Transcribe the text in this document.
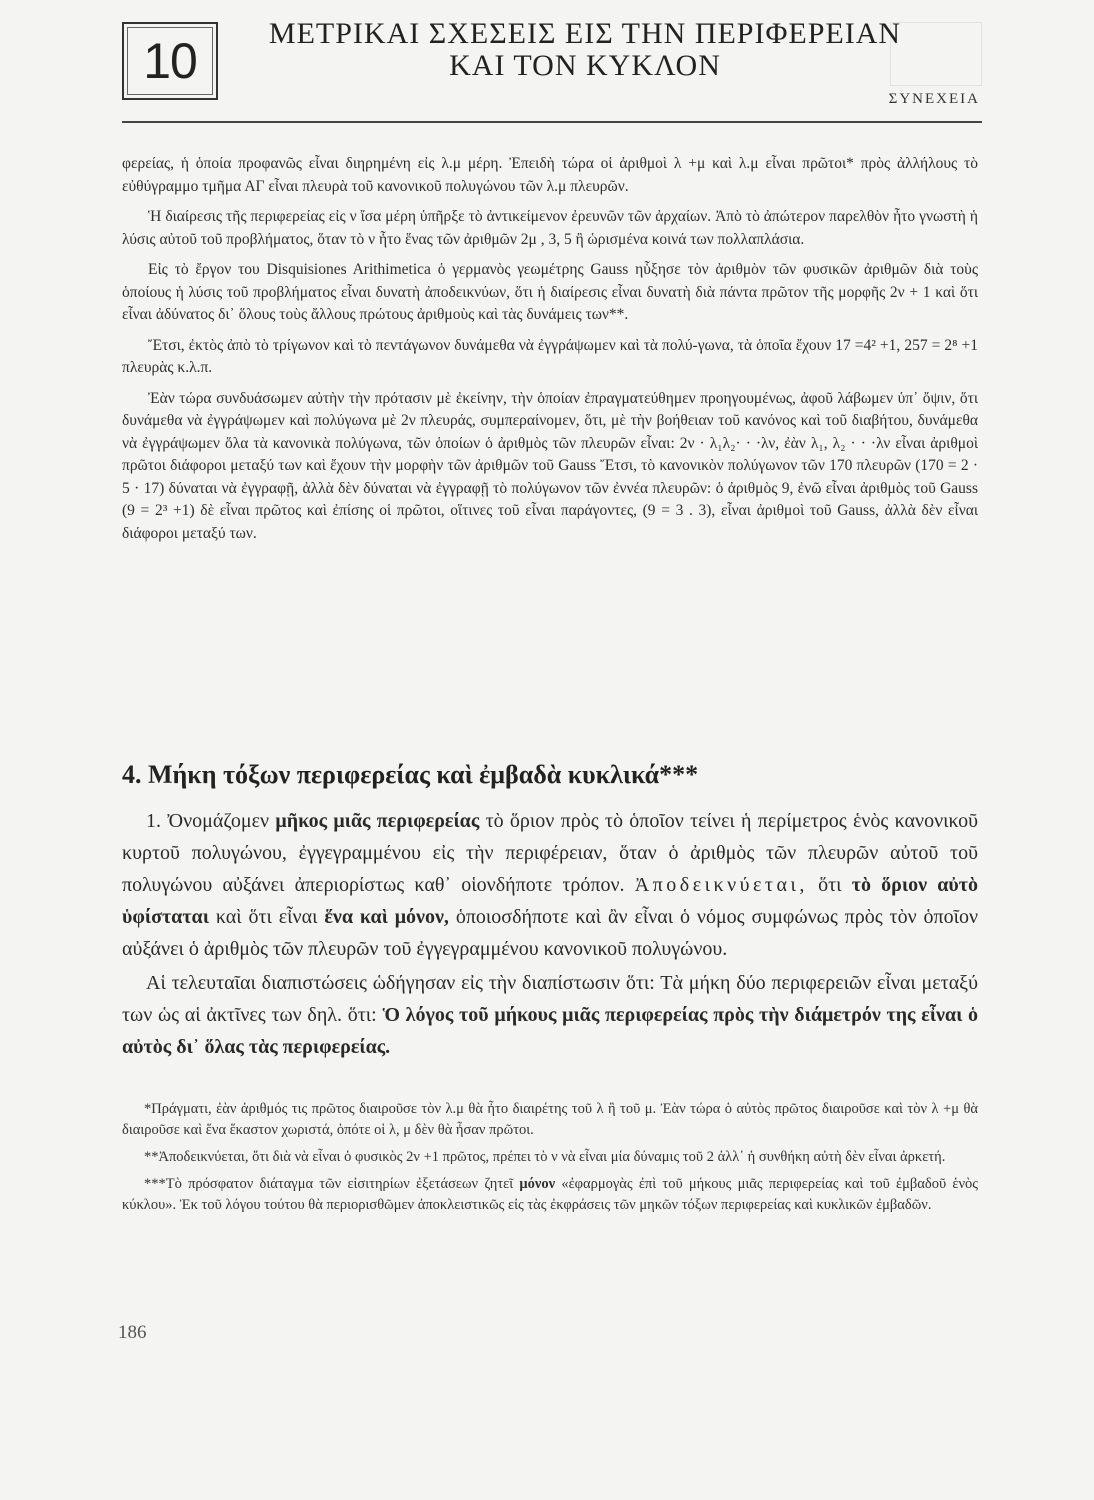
10	ΜΕΤΡΙΚΑΙ ΣΧΕΣΕΙΣ ΕΙΣ ΤΗΝ ΠΕΡΙΦΕΡΕΙΑΝ
ΚΑΙ ΤΟΝ ΚΥΚΛΟΝ
ΣΥΝΕΧΕΙΑ

φερείας, ἡ ὁποία προφανῶς εἶναι διηρημένη εἰς λ.μ μέρη. Ἐπειδὴ τώρα οἱ ἀριθμοὶ λ +μ καὶ λ.μ εἶναι πρῶτοι* πρὸς ἀλλήλους τὸ εὐθύγραμμο τμῆμα ΑΓ εἶναι πλευρὰ τοῦ κανονικοῦ πολυγώνου τῶν λ.μ πλευρῶν.

Ἡ διαίρεσις τῆς περιφερείας εἰς ν ἴσα μέρη ὑπῆρξε τὸ ἀντικείμενον ἐρευνῶν τῶν ἀρχαίων. Ἀπὸ τὸ ἀπώτερον παρελθὸν ἦτο γνωστὴ ἡ λύσις αὐτοῦ τοῦ προβλήματος, ὅταν τὸ ν ἦτο ἕνας τῶν ἀριθμῶν 2μ , 3, 5 ἢ ὡρισμένα κοινά των πολλαπλάσια.

Εἰς τὸ ἔργον του Disquisiones Arithimetica ὁ γερμανὸς γεωμέτρης Gauss ηὗξησε τὸν ἀριθμὸν τῶν φυσικῶν ἀριθμῶν διὰ τοὺς ὁποίους ἡ λύσις τοῦ προβλήματος εἶναι δυνατὴ ἀποδεικνύων, ὅτι ἡ διαίρεσις εἶναι δυνατὴ διὰ πάντα πρῶτον τῆς μορφῆς 2ν + 1 καὶ ὅτι εἶναι ἀδύνατος δι᾽ ὅλους τοὺς ἄλλους πρώτους ἀριθμοὺς καὶ τὰς δυνάμεις των**.

Ἔτσι, ἐκτὸς ἀπὸ τὸ τρίγωνον καὶ τὸ πεντάγωνον δυνάμεθα νὰ ἐγγράψωμεν καὶ τὰ πολύ-γωνα, τὰ ὁποῖα ἔχουν 17 =4² +1, 257 = 2⁸ +1 πλευρὰς κ.λ.π.

Ἐὰν τώρα συνδυάσωμεν αὐτὴν τὴν πρότασιν μὲ ἐκείνην, τὴν ὁποίαν ἐπραγματεύθημεν προηγουμένως, ἀφοῦ λάβωμεν ὑπ᾽ ὄψιν, ὅτι δυνάμεθα νὰ ἐγγράψωμεν καὶ πολύγωνα μὲ 2ν πλευράς, συμπεραίνομεν, ὅτι, μὲ τὴν βοήθειαν τοῦ κανόνος καὶ τοῦ διαβήτου, δυνάμεθα νὰ ἐγγράψωμεν ὅλα τὰ κανονικὰ πολύγωνα, τῶν ὁποίων ὁ ἀριθμὸς τῶν πλευρῶν εἶναι: 2ν · λ₁λ₂· · ·λν, ἐὰν λ₁, λ₂ · · ·λν εἶναι ἀριθμοὶ πρῶτοι διάφοροι μεταξύ των καὶ ἔχουν τὴν μορφὴν τῶν ἀριθμῶν τοῦ Gauss Ἔτσι, τὸ κανονικὸν πολύγωνον τῶν 170 πλευρῶν (170 = 2 · 5 · 17) δύναται νὰ ἐγγραφῇ, ἀλλὰ δὲν δύναται νὰ ἐγγραφῇ τὸ πολύγωνον τῶν ἐννέα πλευρῶν: ὁ ἀριθμὸς 9, ἐνῶ εἶναι ἀριθμὸς τοῦ Gauss (9 = 2³ +1) δὲ εἶναι πρῶτος καὶ ἐπίσης οἱ πρῶτοι, οἵτινες τοῦ εἶναι παράγοντες, (9 = 3 . 3), εἶναι ἀριθμοὶ τοῦ Gauss, ἀλλὰ δὲν εἶναι διάφοροι μεταξύ των.

4. Μήκη τόξων περιφερείας καὶ ἐμβαδὰ κυκλικά***

1. Ὀνομάζομεν μῆκος μιᾶς περιφερείας τὸ ὅριον πρὸς τὸ ὁποῖον τείνει ἡ περίμετρος ἑνὸς κανονικοῦ κυρτοῦ πολυγώνου, ἐγγεγραμμένου εἰς τὴν περιφέρειαν, ὅταν ὁ ἀριθμὸς τῶν πλευρῶν αὐτοῦ τοῦ πολυγώνου αὐξάνει ἀπεριορίστως καθ᾽ οἱονδήποτε τρόπον. Ἀποδεικνύεται, ὅτι τὸ ὅριον αὐτὸ ὑφίσταται καὶ ὅτι εἶναι ἕνα καὶ μόνον, ὁποιοσδήποτε καὶ ἂν εἶναι ὁ νόμος συμφώνως πρὸς τὸν ὁποῖον αὐξάνει ὁ ἀριθμὸς τῶν πλευρῶν τοῦ ἐγγεγραμμένου κανονικοῦ πολυγώνου.

Αἱ τελευταῖαι διαπιστώσεις ὡδήγησαν εἰς τὴν διαπίστωσιν ὅτι: Τὰ μήκη δύο περιφερειῶν εἶναι μεταξύ των ὡς αἱ ἀκτῖνες των δηλ. ὅτι: Ὁ λόγος τοῦ μήκους μιᾶς περιφερείας πρὸς τὴν διάμετρόν της εἶναι ὁ αὐτὸς δι᾽ ὅλας τὰς περιφερείας.

*Πράγματι, ἐὰν ἀριθμός τις πρῶτος διαιροῦσε τὸν λ.μ θὰ ἦτο διαιρέτης τοῦ λ ἢ τοῦ μ. Ἐὰν τώρα ὁ αὐτὸς πρῶτος διαιροῦσε καὶ τὸν λ +μ θὰ διαιροῦσε καὶ ἕνα ἕκαστον χωριστά, ὁπότε οἱ λ, μ δὲν θὰ ἦσαν πρῶτοι.

**Ἀποδεικνύεται, ὅτι διὰ νὰ εἶναι ὁ φυσικὸς 2ν +1 πρῶτος, πρέπει τὸ ν νὰ εἶναι μία δύναμις τοῦ 2 ἀλλ᾽ ἡ συνθήκη αὐτὴ δὲν εἶναι ἀρκετή.

***Τὸ πρόσφατον διάταγμα τῶν εἰσιτηρίων ἐξετάσεων ζητεῖ μόνον «ἐφαρμογὰς ἐπὶ τοῦ μήκους μιᾶς περιφερείας καὶ τοῦ ἐμβαδοῦ ἑνὸς κύκλου». Ἐκ τοῦ λόγου τούτου θὰ περιορισθῶμεν ἀποκλειστικῶς εἰς τὰς ἐκφράσεις τῶν μηκῶν τόξων περιφερείας καὶ κυκλικῶν ἐμβαδῶν.

186
